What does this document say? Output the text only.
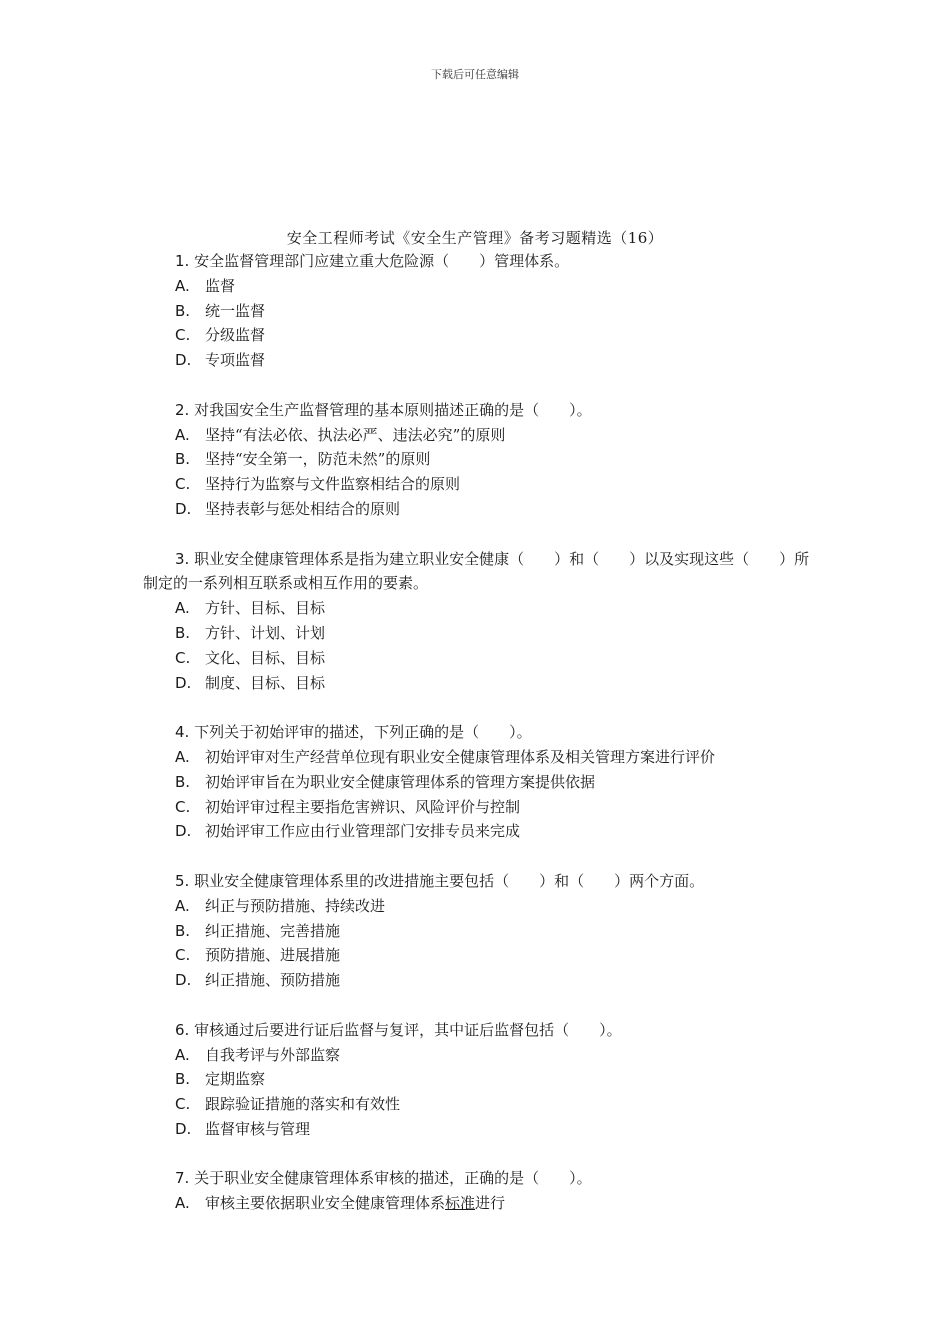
下载后可任意编辑
安全工程师考试《安全生产管理》备考习题精选（16）
1. 安全监督管理部门应建立重大危险源（　　）管理体系。
A. 监督
B. 统一监督
C. 分级监督
D. 专项监督
2. 对我国安全生产监督管理的基本原则描述正确的是（　　）。
A. 坚持“有法必依、执法必严、违法必究”的原则
B. 坚持“安全第一，防范未然”的原则
C. 坚持行为监察与文件监察相结合的原则
D. 坚持表彰与惩处相结合的原则
3. 职业安全健康管理体系是指为建立职业安全健康（　　）和（　　）以及实现这些（　　）所制定的一系列相互联系或相互作用的要素。
A. 方针、目标、目标
B. 方针、计划、计划
C. 文化、目标、目标
D. 制度、目标、目标
4. 下列关于初始评审的描述，下列正确的是（　　）。
A. 初始评审对生产经营单位现有职业安全健康管理体系及相关管理方案进行评价
B. 初始评审旨在为职业安全健康管理体系的管理方案提供依据
C. 初始评审过程主要指危害辨识、风险评价与控制
D. 初始评审工作应由行业管理部门安排专员来完成
5. 职业安全健康管理体系里的改进措施主要包括（　　）和（　　）两个方面。
A. 纠正与预防措施、持续改进
B. 纠正措施、完善措施
C. 预防措施、进展措施
D. 纠正措施、预防措施
6. 审核通过后要进行证后监督与复评，其中证后监督包括（　　）。
A. 自我考评与外部监察
B. 定期监察
C. 跟踪验证措施的落实和有效性
D. 监督审核与管理
7. 关于职业安全健康管理体系审核的描述，正确的是（　　）。
A. 审核主要依据职业安全健康管理体系标准进行
